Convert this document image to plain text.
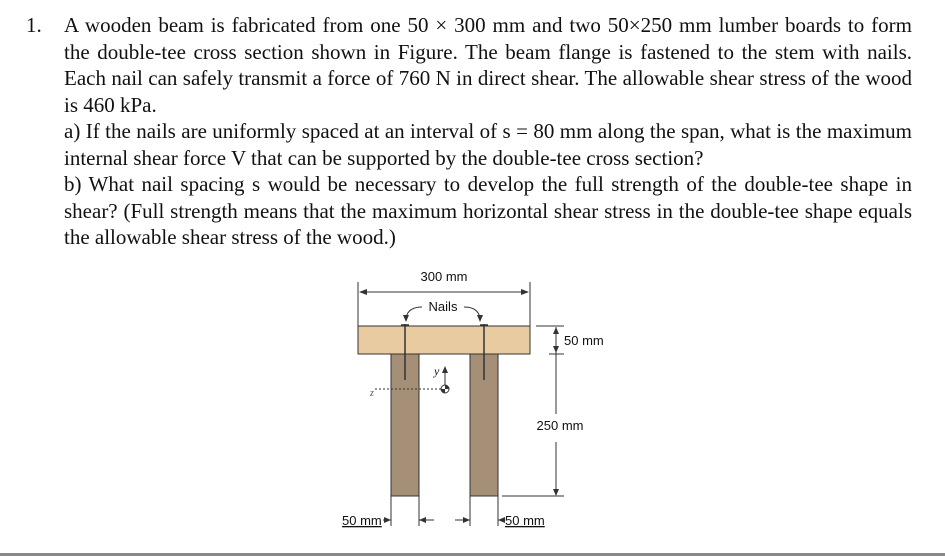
1. A wooden beam is fabricated from one 50 × 300 mm and two 50×250 mm lumber boards to form the double-tee cross section shown in Figure. The beam flange is fastened to the stem with nails. Each nail can safely transmit a force of 760 N in direct shear. The allowable shear stress of the wood is 460 kPa.

a) If the nails are uniformly spaced at an interval of s = 80 mm along the span, what is the maximum internal shear force V that can be supported by the double-tee cross section?

b) What nail spacing s would be necessary to develop the full strength of the double-tee shape in shear? (Full strength means that the maximum horizontal shear stress in the double-tee shape equals the allowable shear stress of the wood.)

300 mm
Nails
y
z
50 mm
250 mm
50 mm	50 mm
